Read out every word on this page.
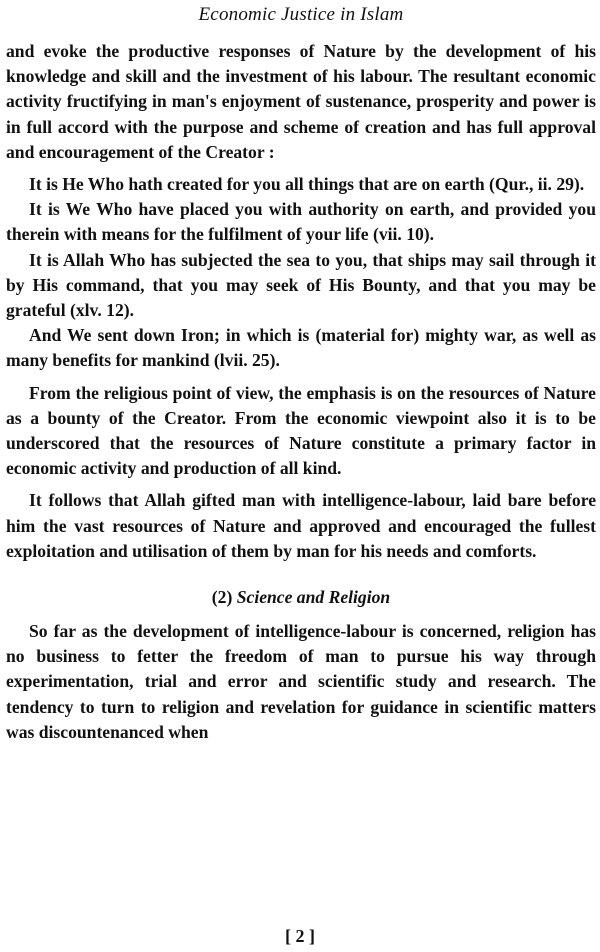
Economic Justice in Islam

and evoke the productive responses of Nature by the development of his knowledge and skill and the investment of his labour. The resultant economic activity fructifying in man's enjoyment of sustenance, prosperity and power is in full accord with the purpose and scheme of creation and has full approval and encouragement of the Creator :

It is He Who hath created for you all things that are on earth (Qur., ii. 29).

It is We Who have placed you with authority on earth, and provided you therein with means for the fulfilment of your life (vii. 10).

It is Allah Who has subjected the sea to you, that ships may sail through it by His command, that you may seek of His Bounty, and that you may be grateful (xlv. 12).

And We sent down Iron; in which is (material for) mighty war, as well as many benefits for mankind (lvii. 25).

From the religious point of view, the emphasis is on the resources of Nature as a bounty of the Creator. From the economic viewpoint also it is to be underscored that the resources of Nature constitute a primary factor in economic activity and production of all kind.

It follows that Allah gifted man with intelligence-labour, laid bare before him the vast resources of Nature and approved and encouraged the fullest exploitation and utilisation of them by man for his needs and comforts.

(2) Science and Religion

So far as the development of intelligence-labour is concerned, religion has no business to fetter the freedom of man to pursue his way through experimentation, trial and error and scientific study and research. The tendency to turn to religion and revelation for guidance in scientific matters was discountenanced when

[ 2 ]
